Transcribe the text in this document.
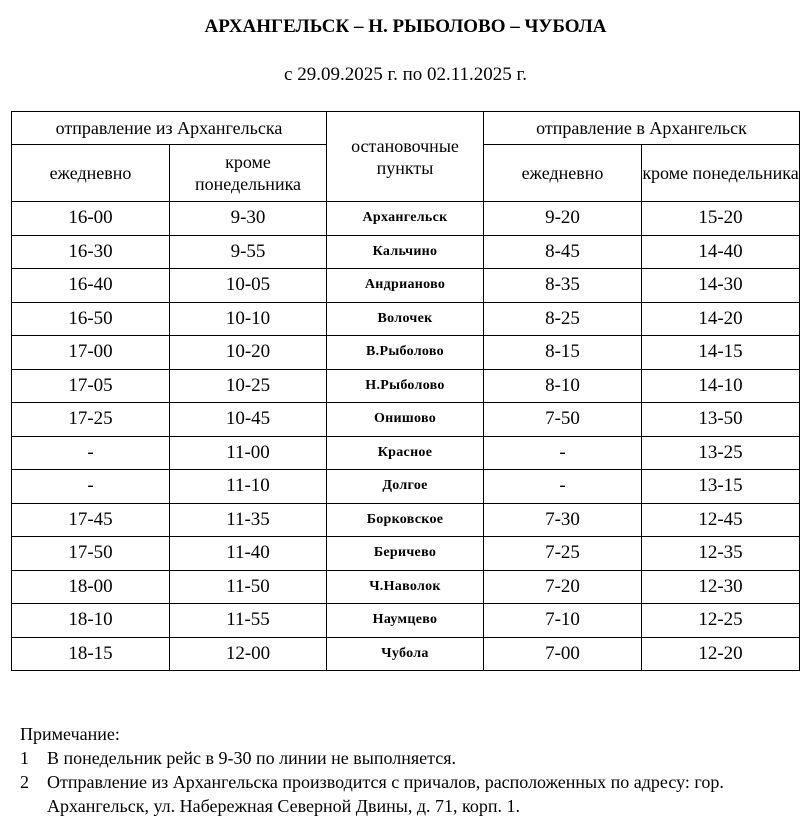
АРХАНГЕЛЬСК – Н. РЫБОЛОВО – ЧУБОЛА
с 29.09.2025 г. по 02.11.2025 г.
отправление из Архангельска		остановочные пункты	отправление в Архангельск	
ежедневно	кроме понедельника		ежедневно	кроме понедельника
16-00	9-30	Архангельск	9-20	15-20
16-30	9-55	Кальчино	8-45	14-40
16-40	10-05	Андрианово	8-35	14-30
16-50	10-10	Волочек	8-25	14-20
17-00	10-20	В.Рыболово	8-15	14-15
17-05	10-25	Н.Рыболово	8-10	14-10
17-25	10-45	Онишово	7-50	13-50
-	11-00	Красное	-	13-25
-	11-10	Долгое	-	13-15
17-45	11-35	Борковское	7-30	12-45
17-50	11-40	Беричево	7-25	12-35
18-00	11-50	Ч.Наволок	7-20	12-30
18-10	11-55	Наумцево	7-10	12-25
18-15	12-00	Чубола	7-00	12-20
Примечание:
1	В понедельник рейс в 9-30 по линии не выполняется.
2	Отправление из Архангельска производится с причалов, расположенных по адресу: гор. Архангельск, ул. Набережная Северной Двины, д. 71, корп. 1.
